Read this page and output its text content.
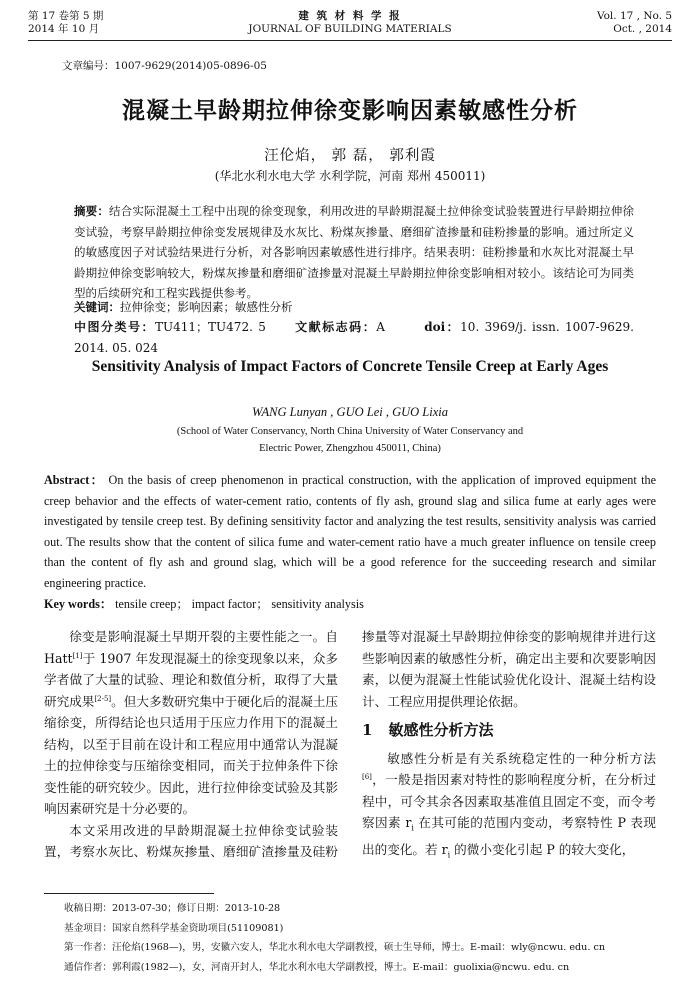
第 17 卷第 5 期
2014 年 10 月
建 筑 材 料 学 报
JOURNAL OF BUILDING MATERIALS
Vol. 17 , No. 5
Oct. , 2014
文章编号：1007-9629(2014)05-0896-05
混凝土早龄期拉伸徐变影响因素敏感性分析
汪伦焰， 郭 磊， 郭利霞
(华北水利水电大学 水利学院，河南 郑州 450011)
摘要：结合实际混凝土工程中出现的徐变现象，利用改进的早龄期混凝土拉伸徐变试验装置进行早龄期拉伸徐变试验，考察早龄期拉伸徐变发展规律及水灰比、粉煤灰掺量、磨细矿渣掺量和硅粉掺量的影响。通过所定义的敏感度因子对试验结果进行分析，对各影响因素敏感性进行排序。结果表明：硅粉掺量和水灰比对混凝土早龄期拉伸徐变影响较大，粉煤灰掺量和磨细矿渣掺量对混凝土早龄期拉伸徐变影响相对较小。该结论可为同类型的后续研究和工程实践提供参考。
关键词：拉伸徐变；影响因素；敏感性分析
中图分类号：TU411；TU472. 5 文献标志码：A	doi：10. 3969/j. issn. 1007-9629. 2014. 05. 024
Sensitivity Analysis of Impact Factors of Concrete Tensile Creep at Early Ages
WANG Lunyan , GUO Lei , GUO Lixia
(School of Water Conservancy, North China University of Water Conservancy and
Electric Power, Zhengzhou 450011, China)
Abstract： On the basis of creep phenomenon in practical construction, with the application of improved equipment the creep behavior and the effects of water-cement ratio, contents of fly ash, ground slag and silica fume at early ages were investigated by tensile creep test. By defining sensitivity factor and analyzing the test results, sensitivity analysis was carried out. The results show that the content of silica fume and water-cement ratio have a much greater influence on tensile creep than the content of fly ash and ground slag, which will be a good reference for the succeeding research and similar engineering practice.
Key words： tensile creep； impact factor； sensitivity analysis
徐变是影响混凝土早期开裂的主要性能之一。自 Hatt[1]于 1907 年发现混凝土的徐变现象以来，众多学者做了大量的试验、理论和数值分析，取得了大量研究成果[2-5]。但大多数研究集中于硬化后的混凝土压缩徐变，所得结论也只适用于压应力作用下的混凝土结构，以至于目前在设计和工程应用中通常认为混凝土的拉伸徐变与压缩徐变相同，而关于拉伸条件下徐变性能的研究较少。因此，进行拉伸徐变试验及其影响因素研究是十分必要的。
本文采用改进的早龄期混凝土拉伸徐变试验装置，考察水灰比、粉煤灰掺量、磨细矿渣掺量及硅粉
掺量等对混凝土早龄期拉伸徐变的影响规律并进行这些影响因素的敏感性分析，确定出主要和次要影响因素，以便为混凝土性能试验优化设计、混凝土结构设计、工程应用提供理论依据。
1 敏感性分析方法
敏感性分析是有关系统稳定性的一种分析方法[6]，一般是指因素对特性的影响程度分析，在分析过程中，可令其余各因素取基准值且固定不变，而令考察因素 $r_i$ 在其可能的范围内变动，考察特性 P 表现出的变化。若 $r_i$ 的微小变化引起 P 的较大变化，
收稿日期：2013-07-30；修订日期：2013-10-28
基金项目：国家自然科学基金资助项目(51109081)
第一作者：汪伦焰(1968—)，男，安徽六安人，华北水利水电大学副教授，硕士生导师，博士。E-mail：wly@ncwu. edu. cn
通信作者：郭利霞(1982—)，女，河南开封人，华北水利水电大学副教授，博士。E-mail：guolixia@ncwu. edu. cn
